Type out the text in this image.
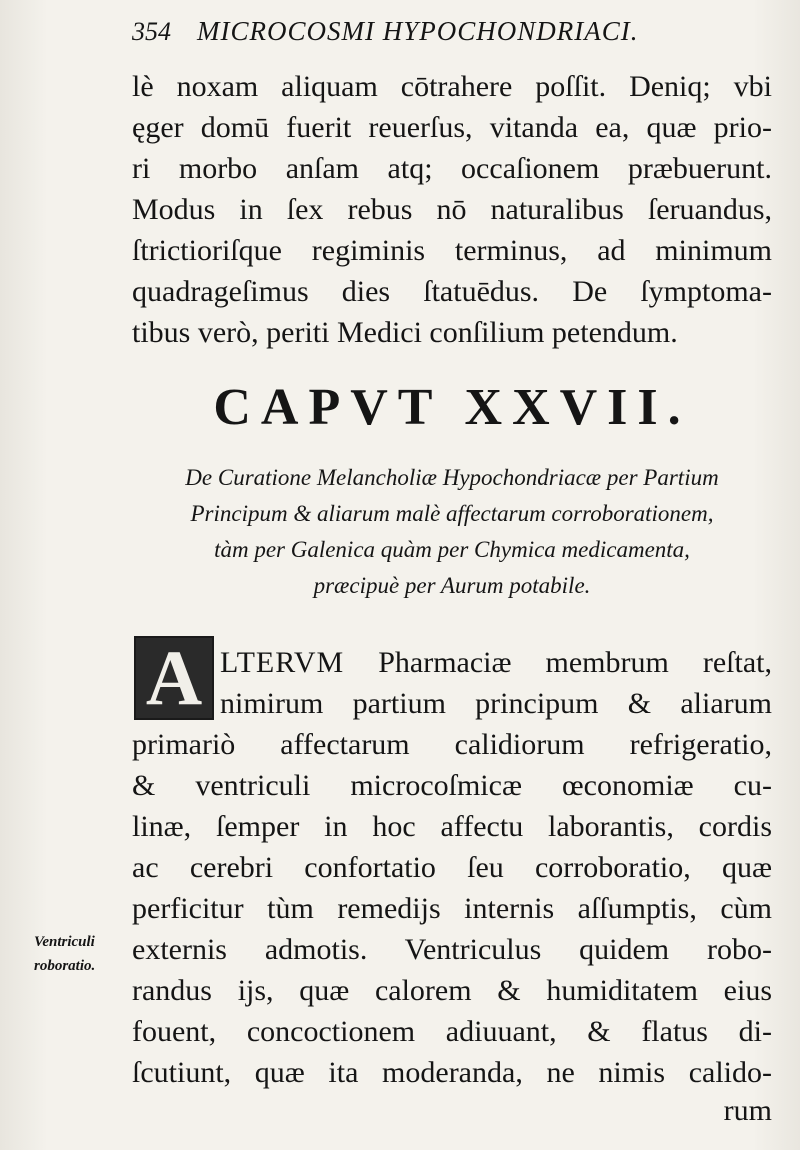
354 MICROCOSMI HYPOCHONDRIACI.
lè noxam aliquam cōtrahere poſſit. Deniq; vbi
ęger domū fuerit reuerſus, vitanda ea, quæ prio-
ri morbo anſam atq; occaſionem præbuerunt.
Modus in ſex rebus nō naturalibus ſeruandus,
ſtrictioriſque regiminis terminus, ad minimum
quadrageſimus dies ſtatuēdus. De ſymptoma-
tibus verò, periti Medici conſilium petendum.
CAPVT XXVII.
De Curatione Melancholiæ Hypochondriacæ per Partium
Principum & aliarum malè affectarum corroborationem,
tàm per Galenica quàm per Chymica medicamenta,
præcipuè per Aurum potabile.
A LTERVM Pharmaciæ membrum reſtat,
nimirum partium principum & aliarum
primariò affectarum calidiorum refrigeratio,
& ventriculi microcoſmicæ œconomiæ cu-
linæ, ſemper in hoc affectu laborantis, cordis
ac cerebri confortatio ſeu corroboratio, quæ
perficitur tùm remedijs internis aſſumptis, cùm
externis admotis. Ventriculus quidem robo-
randus ijs, quæ calorem & humiditatem eius
fouent, concoctionem adiuuant, & flatus di-
ſcutiunt, quæ ita moderanda, ne nimis calido-
rum
Ventriculi
roboratio.
